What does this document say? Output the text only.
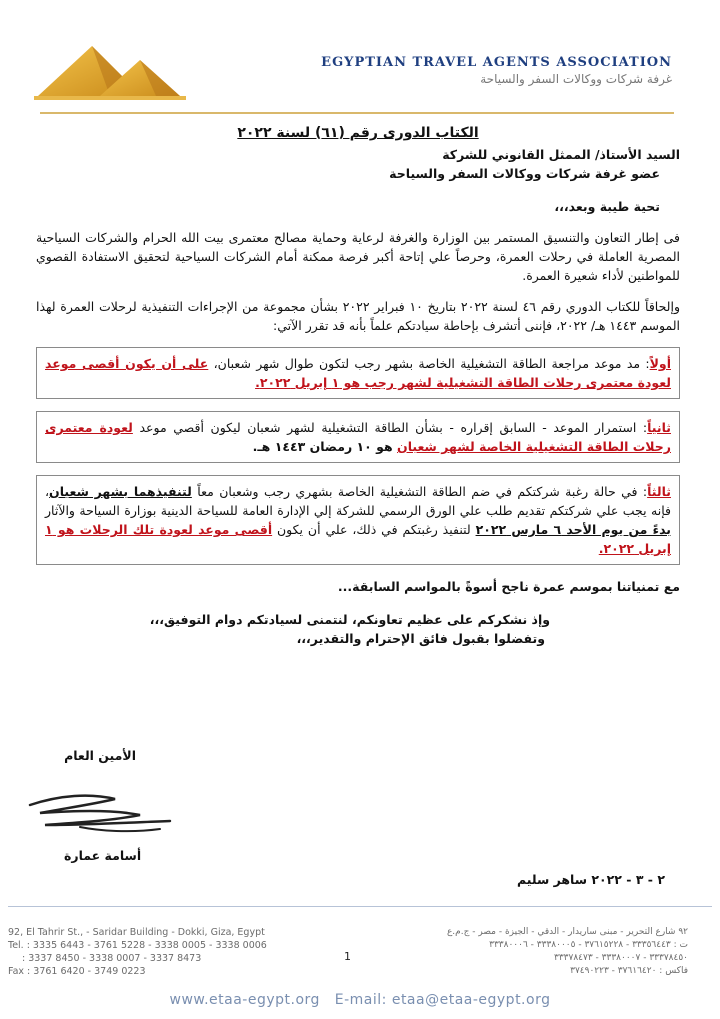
EGYPTIAN TRAVEL AGENTS ASSOCIATION
غرفة شركات ووكالات السفر والسياحة
الكتاب الدورى رقم (٦١) لسنة ٢٠٢٢
السيد الأستاذ/ الممثل القانوني للشركة
عضو غرفة شركات ووكالات السفر والسياحة
تحية طيبة وبعد،،،
فى إطار التعاون والتنسيق المستمر بين الوزارة والغرفة لرعاية وحماية مصالح معتمرى بيت الله الحرام والشركات السياحية المصرية العاملة في رحلات العمرة، وحرصاً علي إتاحة أكبر فرصة ممكنة أمام الشركات السياحية لتحقيق الاستفادة القصوي للمواطنين لأداء شعيرة العمرة.
وإلحاقاً للكتاب الدوري رقم ٤٦ لسنة ٢٠٢٢ بتاريخ ١٠ فبراير ٢٠٢٢ بشأن مجموعة من الإجراءات التنفيذية لرحلات العمرة لهذا الموسم ١٤٤٣ هـ/ ٢٠٢٢، فإننى أتشرف بإحاطة سيادتكم علماً بأنه قد تقرر الآتي:
أولاً: مد موعد مراجعة الطاقة التشغيلية الخاصة بشهر رجب لتكون طوال شهر شعبان، على أن يكون أقصى موعد لعودة معتمرى رحلات الطاقة التشغيلية لشهر رجب هو ١ إبريل ٢٠٢٢.
ثانياً: استمرار الموعد - السابق إقراره - بشأن الطاقة التشغيلية لشهر شعبان ليكون أقصي موعد لعودة معتمرى رحلات الطاقة التشغيلية الخاصة لشهر شعبان هو ١٠ رمضان ١٤٤٣ هـ.
ثالثاً: في حالة رغبة شركتكم في ضم الطاقة التشغيلية الخاصة بشهري رجب وشعبان معاً لتنفيذهما بشهر شعبان، فإنه يجب علي شركتكم تقديم طلب علي الورق الرسمي للشركة إلي الإدارة العامة للسياحة الدينية بوزارة السياحة والآثار بدءً من يوم الأحد ٦ مارس ٢٠٢٢ لتنفيذ رغبتكم في ذلك، علي أن يكون أقصى موعد لعودة تلك الرحلات هو ١ إبريل ٢٠٢٢.
مع تمنياتنا بموسم عمرة ناجح أسوةً بالمواسم السابقة...
وإذ نشكركم على عظيم تعاونكم، لنتمنى لسيادتكم دوام التوفيق،،،
وتفضلوا بقبول فائق الإحترام والتقدير،،،
الأمين العام
أسامة عمارة
٢ - ٣ - ٢٠٢٢ ساهر سليم
92, El Tahrir St., - Saridar Building - Dokki, Giza, Egypt
Tel. : 3335 6443 - 3761 5228 - 3338 0005 - 3338 0006
: 3337 8450 - 3338 0007 - 3337 8473
Fax : 3761 6420 - 3749 0223
1
٩٢ شارع التحرير - مبنى ساريدار - الدقي - الجيزة - مصر - ج.م.ع
ت : ٣٣٣٥٦٤٤٣ - ٣٧٦١٥٢٢٨ - ٣٣٣٨٠٠٠٥ - ٣٣٣٨٠٠٠٦
٣٣٣٧٨٤٥٠ - ٣٣٣٨٠٠٠٧ - ٣٣٣٧٨٤٧٣
فاكس : ٣٧٦١٦٤٢٠ - ٣٧٤٩٠٢٢٣
www.etaa-egypt.org E-mail: etaa@etaa-egypt.org
